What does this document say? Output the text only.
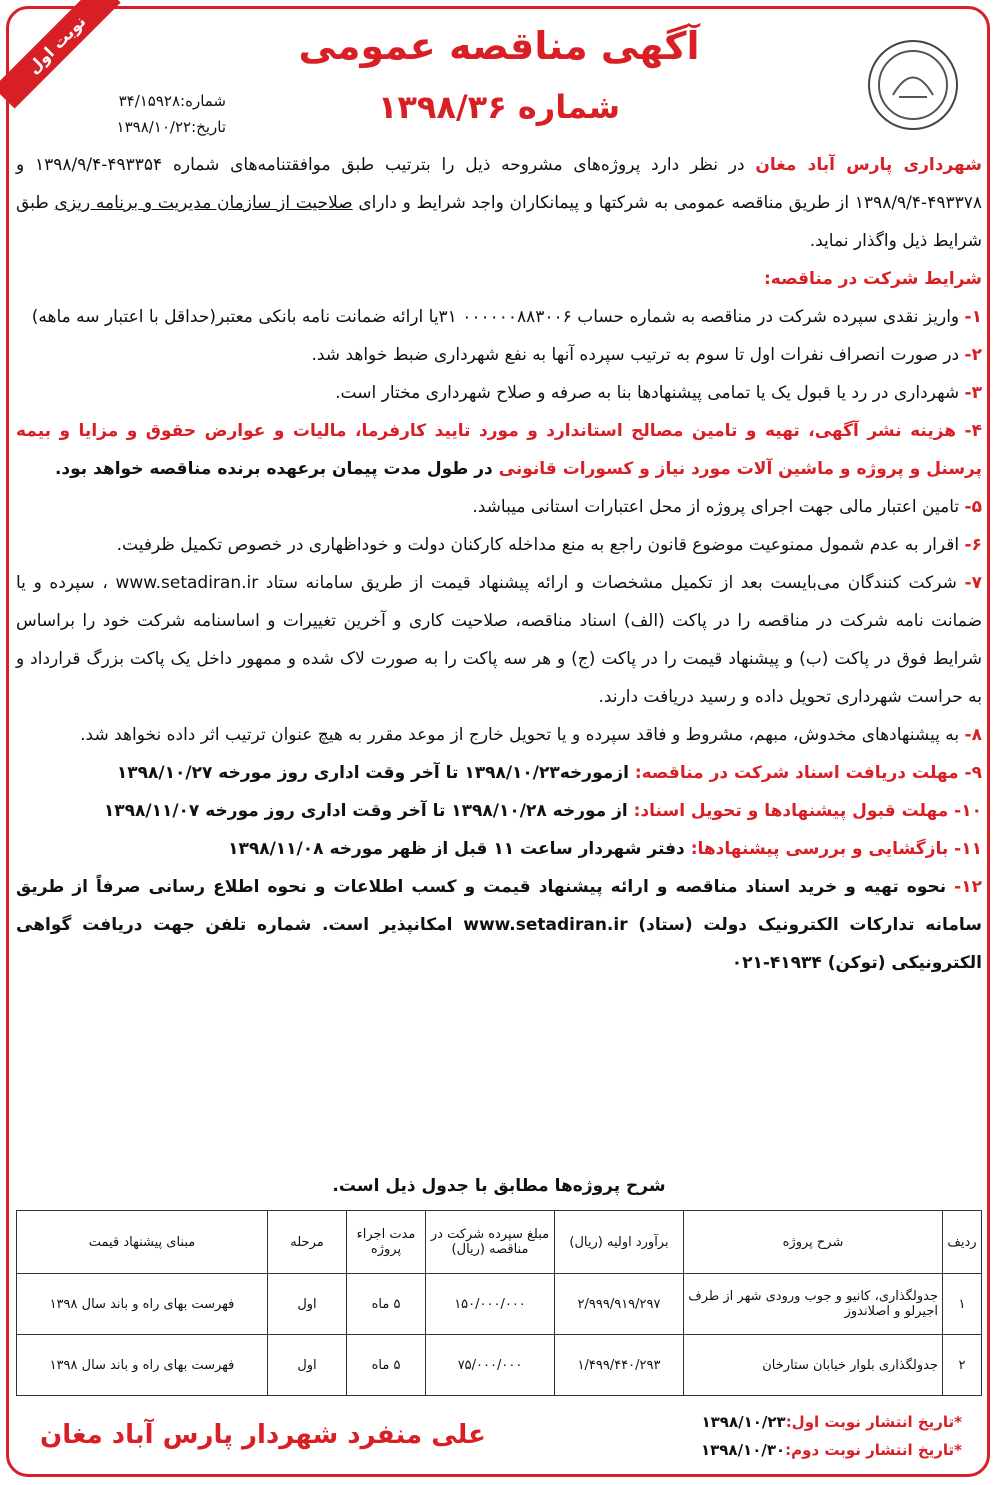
نوبت اول	آگهی مناقصه عمومی
شماره ۱۳۹۸/۳۶
شماره:۳۴/۱۵۹۲۸
تاریخ:۱۳۹۸/۱۰/۲۲

شهرداری پارس آباد مغان در نظر دارد پروژه‌های مشروحه ذیل را بترتیب طبق موافقتنامه‌های شماره ۴۹۳۳۵۴-۱۳۹۸/۹/۴ و ۴۹۳۳۷۸-۱۳۹۸/۹/۴ از طریق مناقصه عمومی به شرکتها و پیمانکاران واجد شرایط و دارای صلاحیت از سازمان مدیریت و برنامه ریزی طبق شرایط ذیل واگذار نماید.

شرایط شرکت در مناقصه:

۱- واریز نقدی سپرده شرکت در مناقصه به شماره حساب ۰۰۰۰۰۰۸۸۳۰۰۶ ۳۱یا ارائه ضمانت نامه بانکی معتبر(حداقل با اعتبار سه ماهه)

۲- در صورت انصراف نفرات اول تا سوم به ترتیب سپرده آنها به نفع شهرداری ضبط خواهد شد.

۳- شهرداری در رد یا قبول یک یا تمامی پیشنهادها بنا به صرفه و صلاح شهرداری مختار است.

۴- هزینه نشر آگهی، تهیه و تامین مصالح استاندارد و مورد تایید کارفرما، مالیات و عوارض حقوق و مزایا و بیمه پرسنل و پروژه و ماشین آلات مورد نیاز و کسورات قانونی در طول مدت پیمان برعهده برنده مناقصه خواهد بود.

۵- تامین اعتبار مالی جهت اجرای پروژه از محل اعتبارات استانی میباشد.

۶- اقرار به عدم شمول ممنوعیت موضوع قانون راجع به منع مداخله کارکنان دولت و خوداظهاری در خصوص تکمیل ظرفیت.

۷- شرکت کنندگان می‌بایست بعد از تکمیل مشخصات و ارائه پیشنهاد قیمت از طریق سامانه ستاد www.setadiran.ir ، سپرده و یا ضمانت نامه شرکت در مناقصه را در پاکت (الف) اسناد مناقصه، صلاحیت کاری و آخرین تغییرات و اساسنامه شرکت خود را براساس شرایط فوق در پاکت (ب) و پیشنهاد قیمت را در پاکت (ج) و هر سه پاکت را به صورت لاک شده و ممهور داخل یک پاکت بزرگ قرارداد و به حراست شهرداری تحویل داده و رسید دریافت دارند.

۸- به پیشنهادهای مخدوش، مبهم، مشروط و فاقد سپرده و یا تحویل خارج از موعد مقرر به هیچ عنوان ترتیب اثر داده نخواهد شد.

۹- مهلت دریافت اسناد شرکت در مناقصه: ازمورخه۱۳۹۸/۱۰/۲۳ تا آخر وقت اداری روز مورخه ۱۳۹۸/۱۰/۲۷

۱۰- مهلت قبول پیشنهادها و تحویل اسناد: از مورخه ۱۳۹۸/۱۰/۲۸ تا آخر وقت اداری روز مورخه ۱۳۹۸/۱۱/۰۷

۱۱- بازگشایی و بررسی پیشنهادها: دفتر شهردار ساعت ۱۱ قبل از ظهر مورخه ۱۳۹۸/۱۱/۰۸

۱۲- نحوه تهیه و خرید اسناد مناقصه و ارائه پیشنهاد قیمت و کسب اطلاعات و نحوه اطلاع رسانی صرفاً از طریق سامانه تدارکات الکترونیک دولت (ستاد) www.setadiran.ir امکانپذیر است. شماره تلفن جهت دریافت گواهی الکترونیکی (توکن) ۴۱۹۳۴-۰۲۱

شرح پروژه‌ها مطابق با جدول ذیل است.
ردیف	شرح پروژه	برآورد اولیه (ریال)	مبلغ سپرده شرکت در مناقصه (ریال)	مدت اجراء پروژه	مرحله	مبنای پیشنهاد قیمت
۱	جدولگذاری، کانیو و جوب ورودی شهر از طرف اجیرلو و اصلاندوز	۲/۹۹۹/۹۱۹/۲۹۷	۱۵۰/۰۰۰/۰۰۰	۵ ماه	اول	فهرست بهای راه و باند سال ۱۳۹۸
۲	جدولگذاری بلوار خیابان ستارخان	۱/۴۹۹/۴۴۰/۲۹۳	۷۵/۰۰۰/۰۰۰	۵ ماه	اول	فهرست بهای راه و باند سال ۱۳۹۸
*تاریخ انتشار نوبت اول:۱۳۹۸/۱۰/۲۳
*تاریخ انتشار نوبت دوم:۱۳۹۸/۱۰/۳۰
علی منفرد شهردار پارس آباد مغان
